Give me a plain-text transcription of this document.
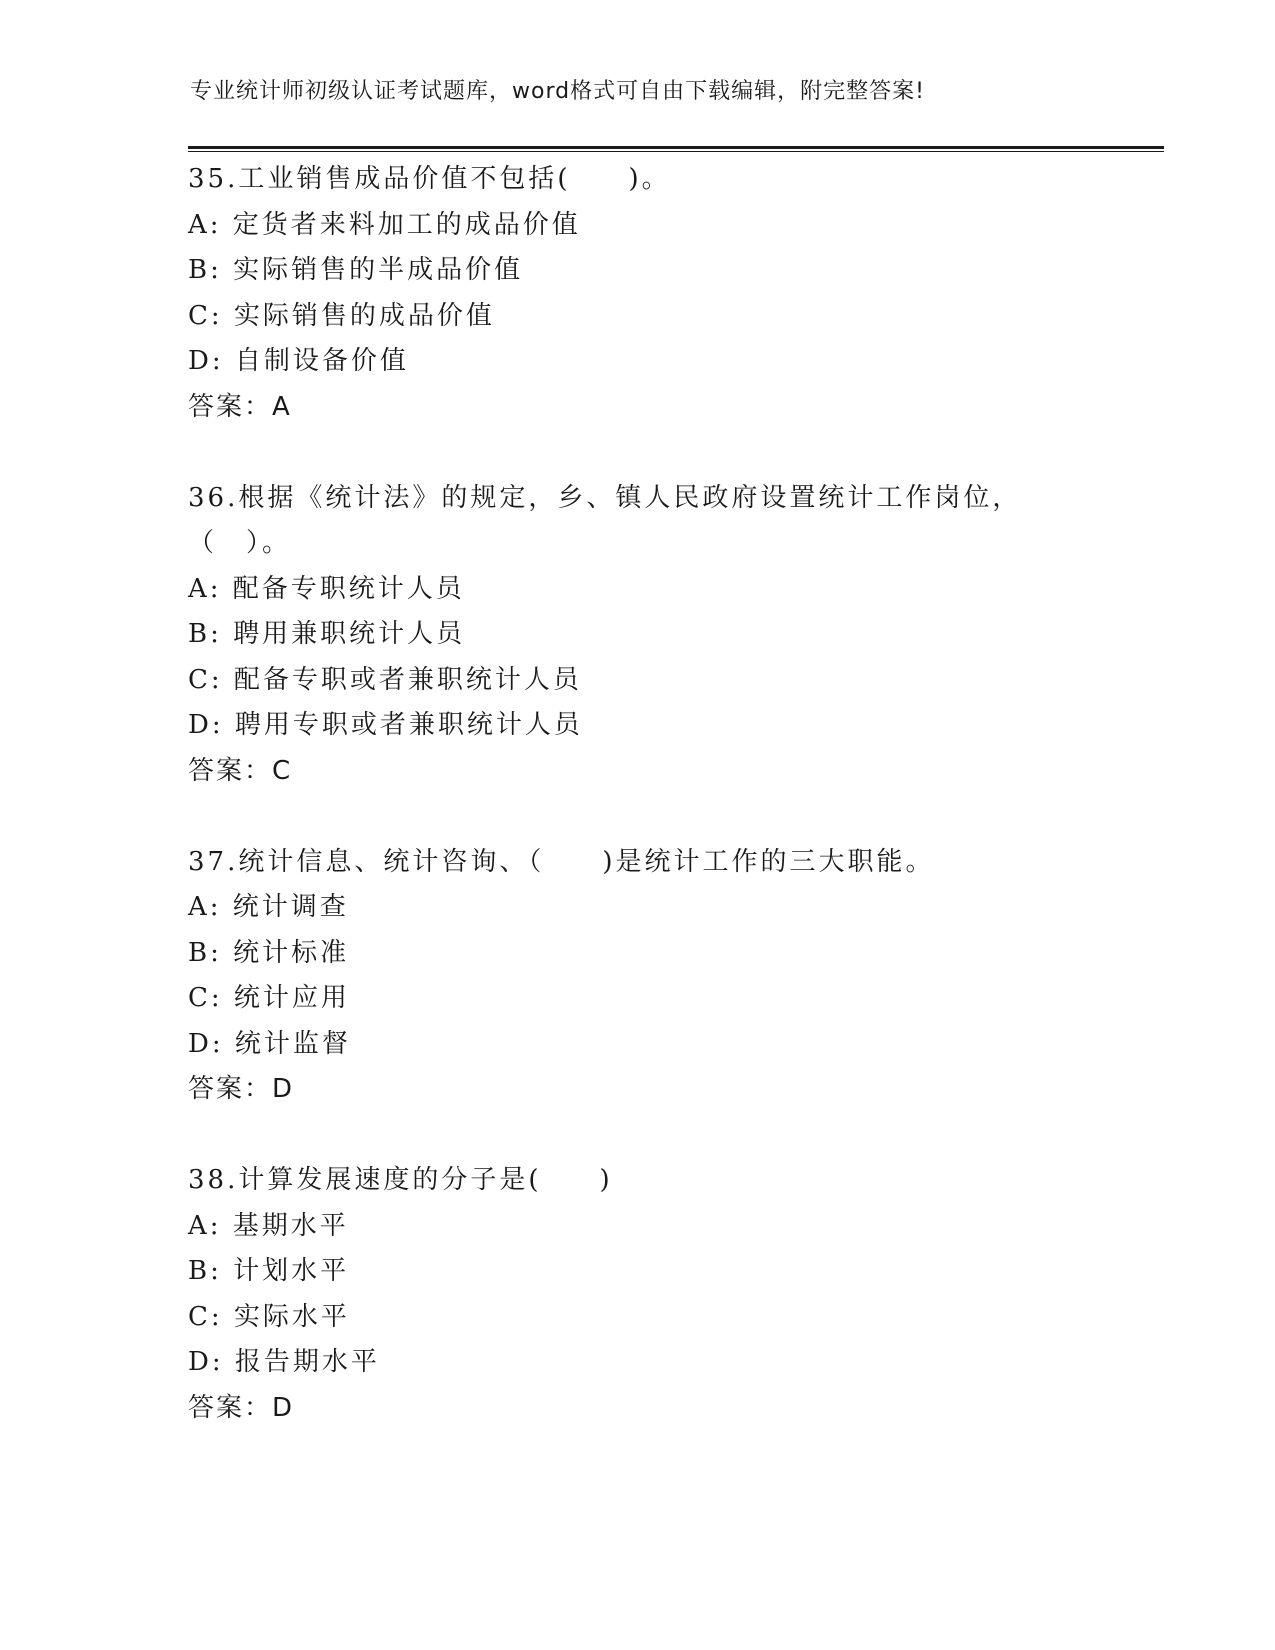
专业统计师初级认证考试题库，word格式可自由下载编辑，附完整答案!
35.工业销售成品价值不包括(　　)。
A: 定货者来料加工的成品价值
B: 实际销售的半成品价值
C: 实际销售的成品价值
D: 自制设备价值
答案：A
36.根据《统计法》的规定，乡、镇人民政府设置统计工作岗位，（　）。
A: 配备专职统计人员
B: 聘用兼职统计人员
C: 配备专职或者兼职统计人员
D: 聘用专职或者兼职统计人员
答案：C
37.统计信息、统计咨询、（　　)是统计工作的三大职能。
A: 统计调查
B: 统计标准
C: 统计应用
D: 统计监督
答案：D
38.计算发展速度的分子是(　　)
A: 基期水平
B: 计划水平
C: 实际水平
D: 报告期水平
答案：D
